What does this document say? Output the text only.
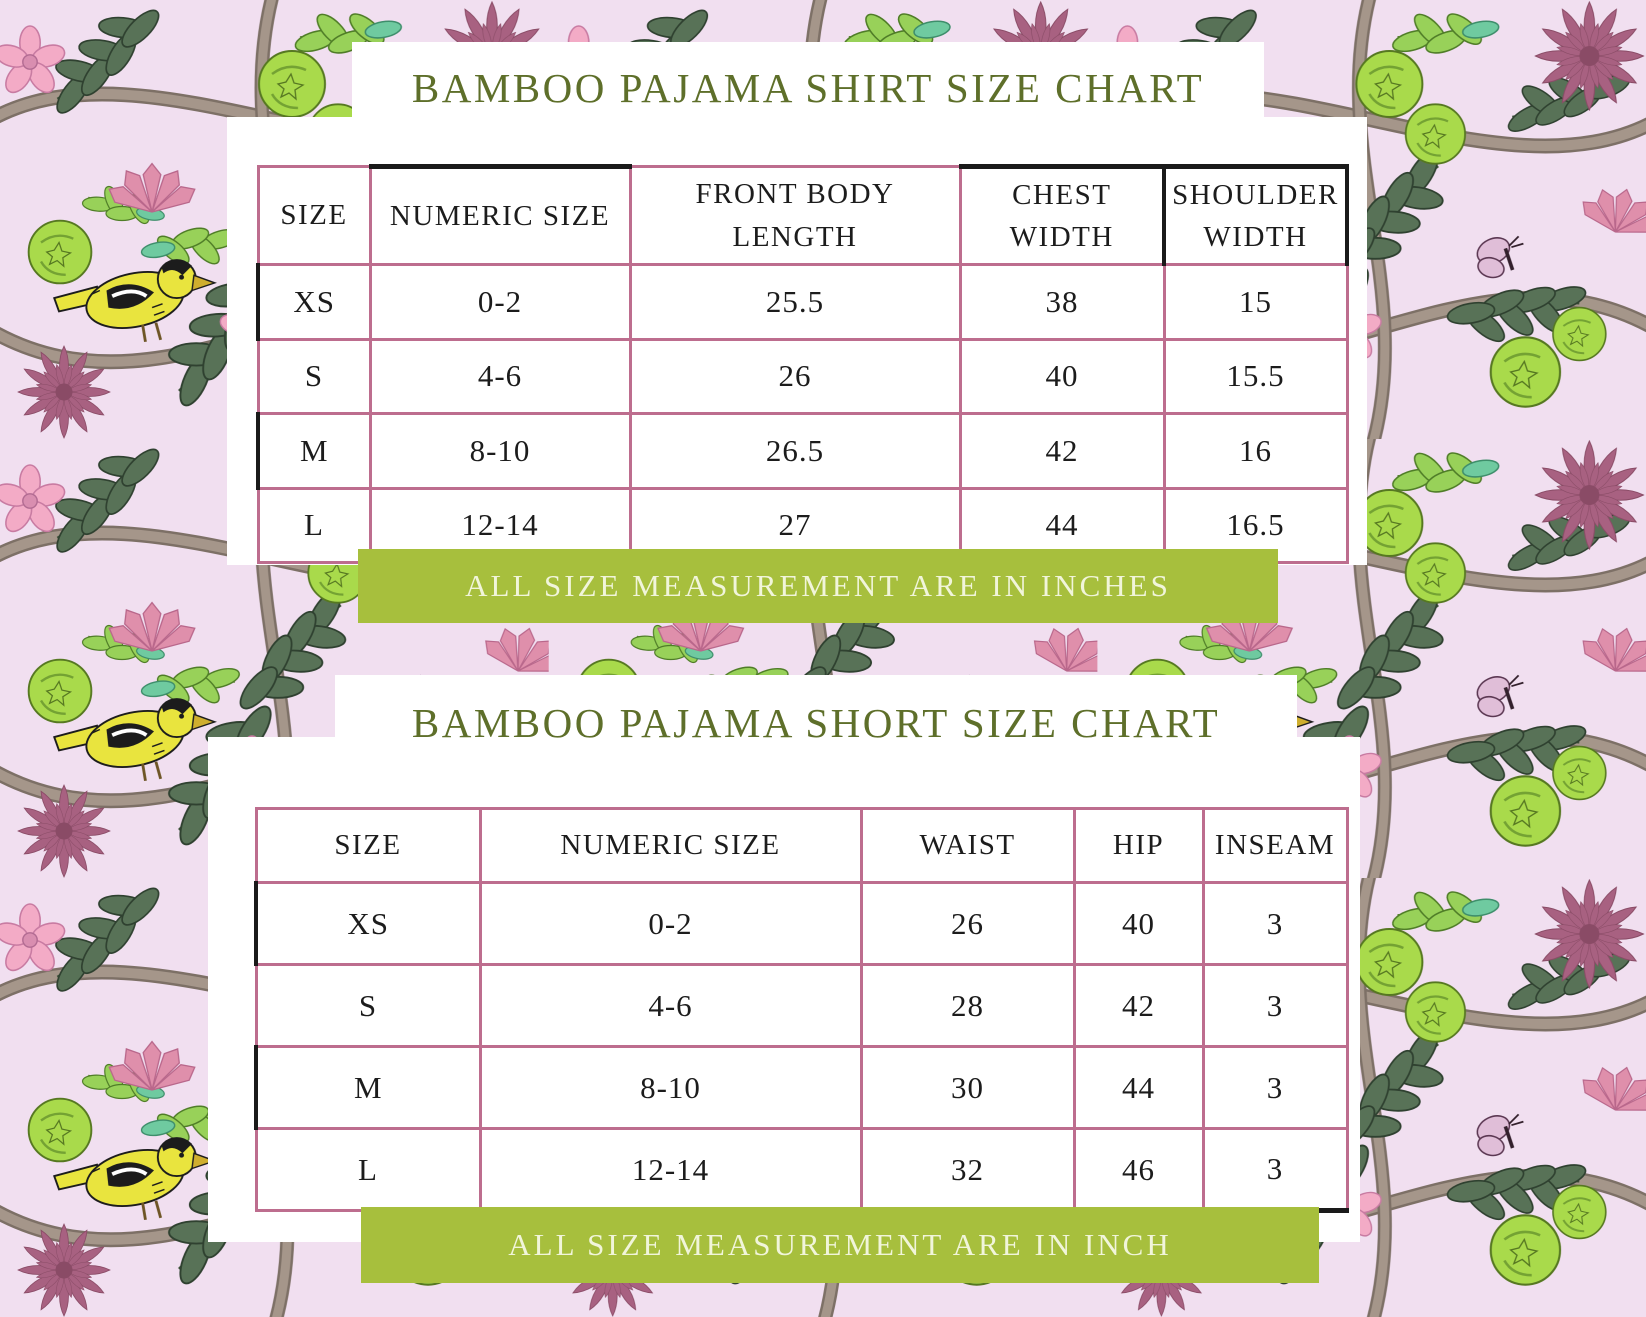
BAMBOO PAJAMA SHIRT SIZE CHART
SIZE	NUMERIC SIZE	FRONT BODY LENGTH	CHEST WIDTH	SHOULDER WIDTH

XS	0-2	25.5	38	15
S	4-6	26	40	15.5
M	8-10	26.5	42	16
L	12-14	27	44	16.5
ALL SIZE MEASUREMENT ARE IN INCHES
BAMBOO PAJAMA SHORT SIZE CHART
SIZE	NUMERIC SIZE	WAIST	HIP	INSEAM

XS	0-2	26	40	3
S	4-6	28	42	3
M	8-10	30	44	3
L	12-14	32	46	3
ALL SIZE MEASUREMENT ARE IN INCH
